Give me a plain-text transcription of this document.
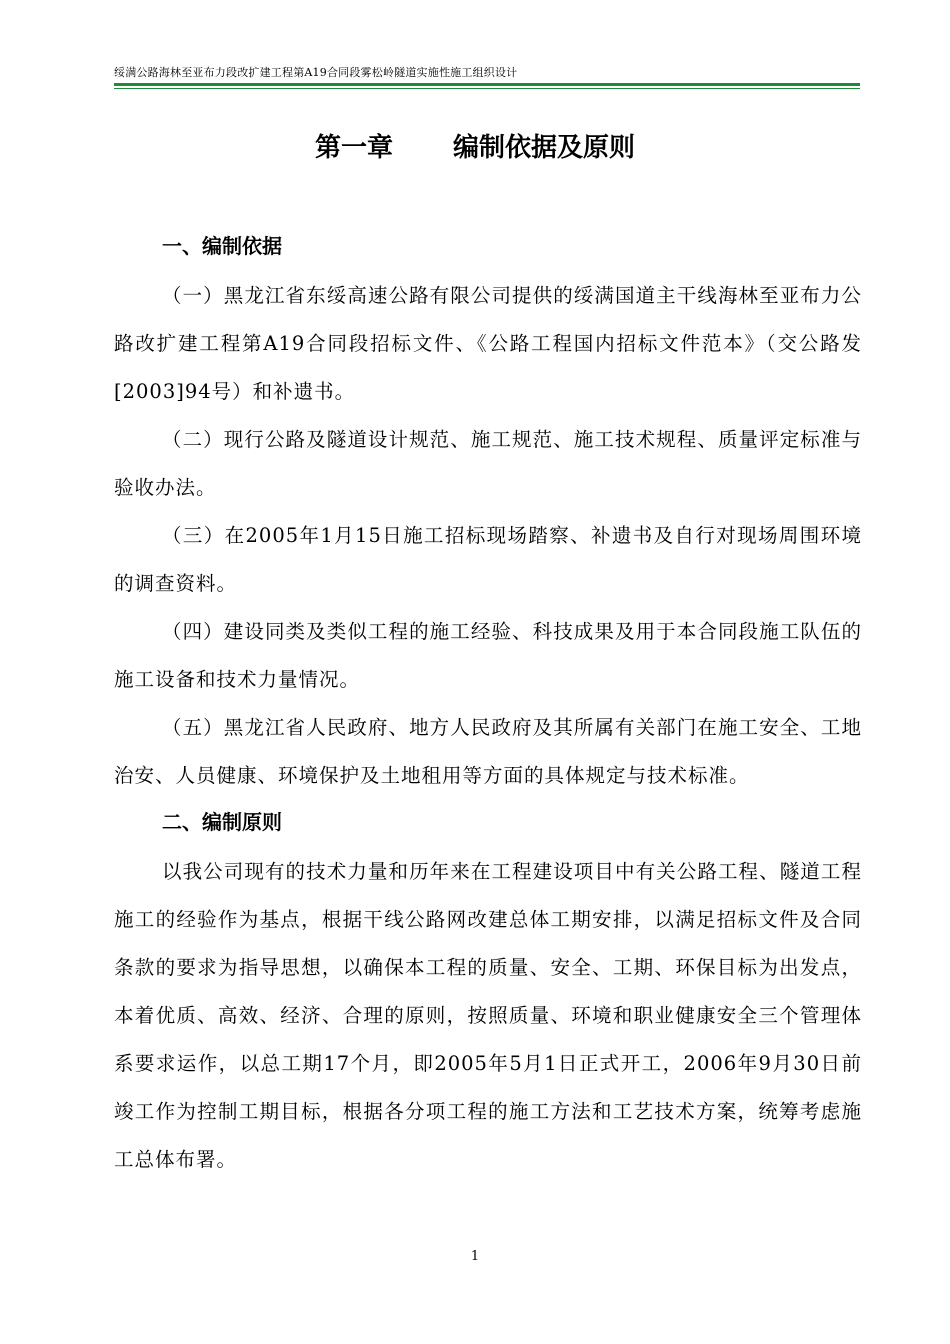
绥满公路海林至亚布力段改扩建工程第A19合同段雾松岭隧道实施性施工组织设计
第一章 编制依据及原则
一、编制依据
（一）黑龙江省东绥高速公路有限公司提供的绥满国道主干线海林至亚布力公路改扩建工程第A19合同段招标文件、《公路工程国内招标文件范本》（交公路发[2003]94号）和补遗书。
（二）现行公路及隧道设计规范、施工规范、施工技术规程、质量评定标准与验收办法。
（三）在2005年1月15日施工招标现场踏察、补遗书及自行对现场周围环境的调查资料。
（四）建设同类及类似工程的施工经验、科技成果及用于本合同段施工队伍的施工设备和技术力量情况。
（五）黑龙江省人民政府、地方人民政府及其所属有关部门在施工安全、工地治安、人员健康、环境保护及土地租用等方面的具体规定与技术标准。
二、编制原则
以我公司现有的技术力量和历年来在工程建设项目中有关公路工程、隧道工程施工的经验作为基点，根据干线公路网改建总体工期安排，以满足招标文件及合同条款的要求为指导思想，以确保本工程的质量、安全、工期、环保目标为出发点，本着优质、高效、经济、合理的原则，按照质量、环境和职业健康安全三个管理体系要求运作，以总工期17个月，即2005年5月1日正式开工，2006年9月30日前竣工作为控制工期目标，根据各分项工程的施工方法和工艺技术方案，统筹考虑施工总体布署。
1
